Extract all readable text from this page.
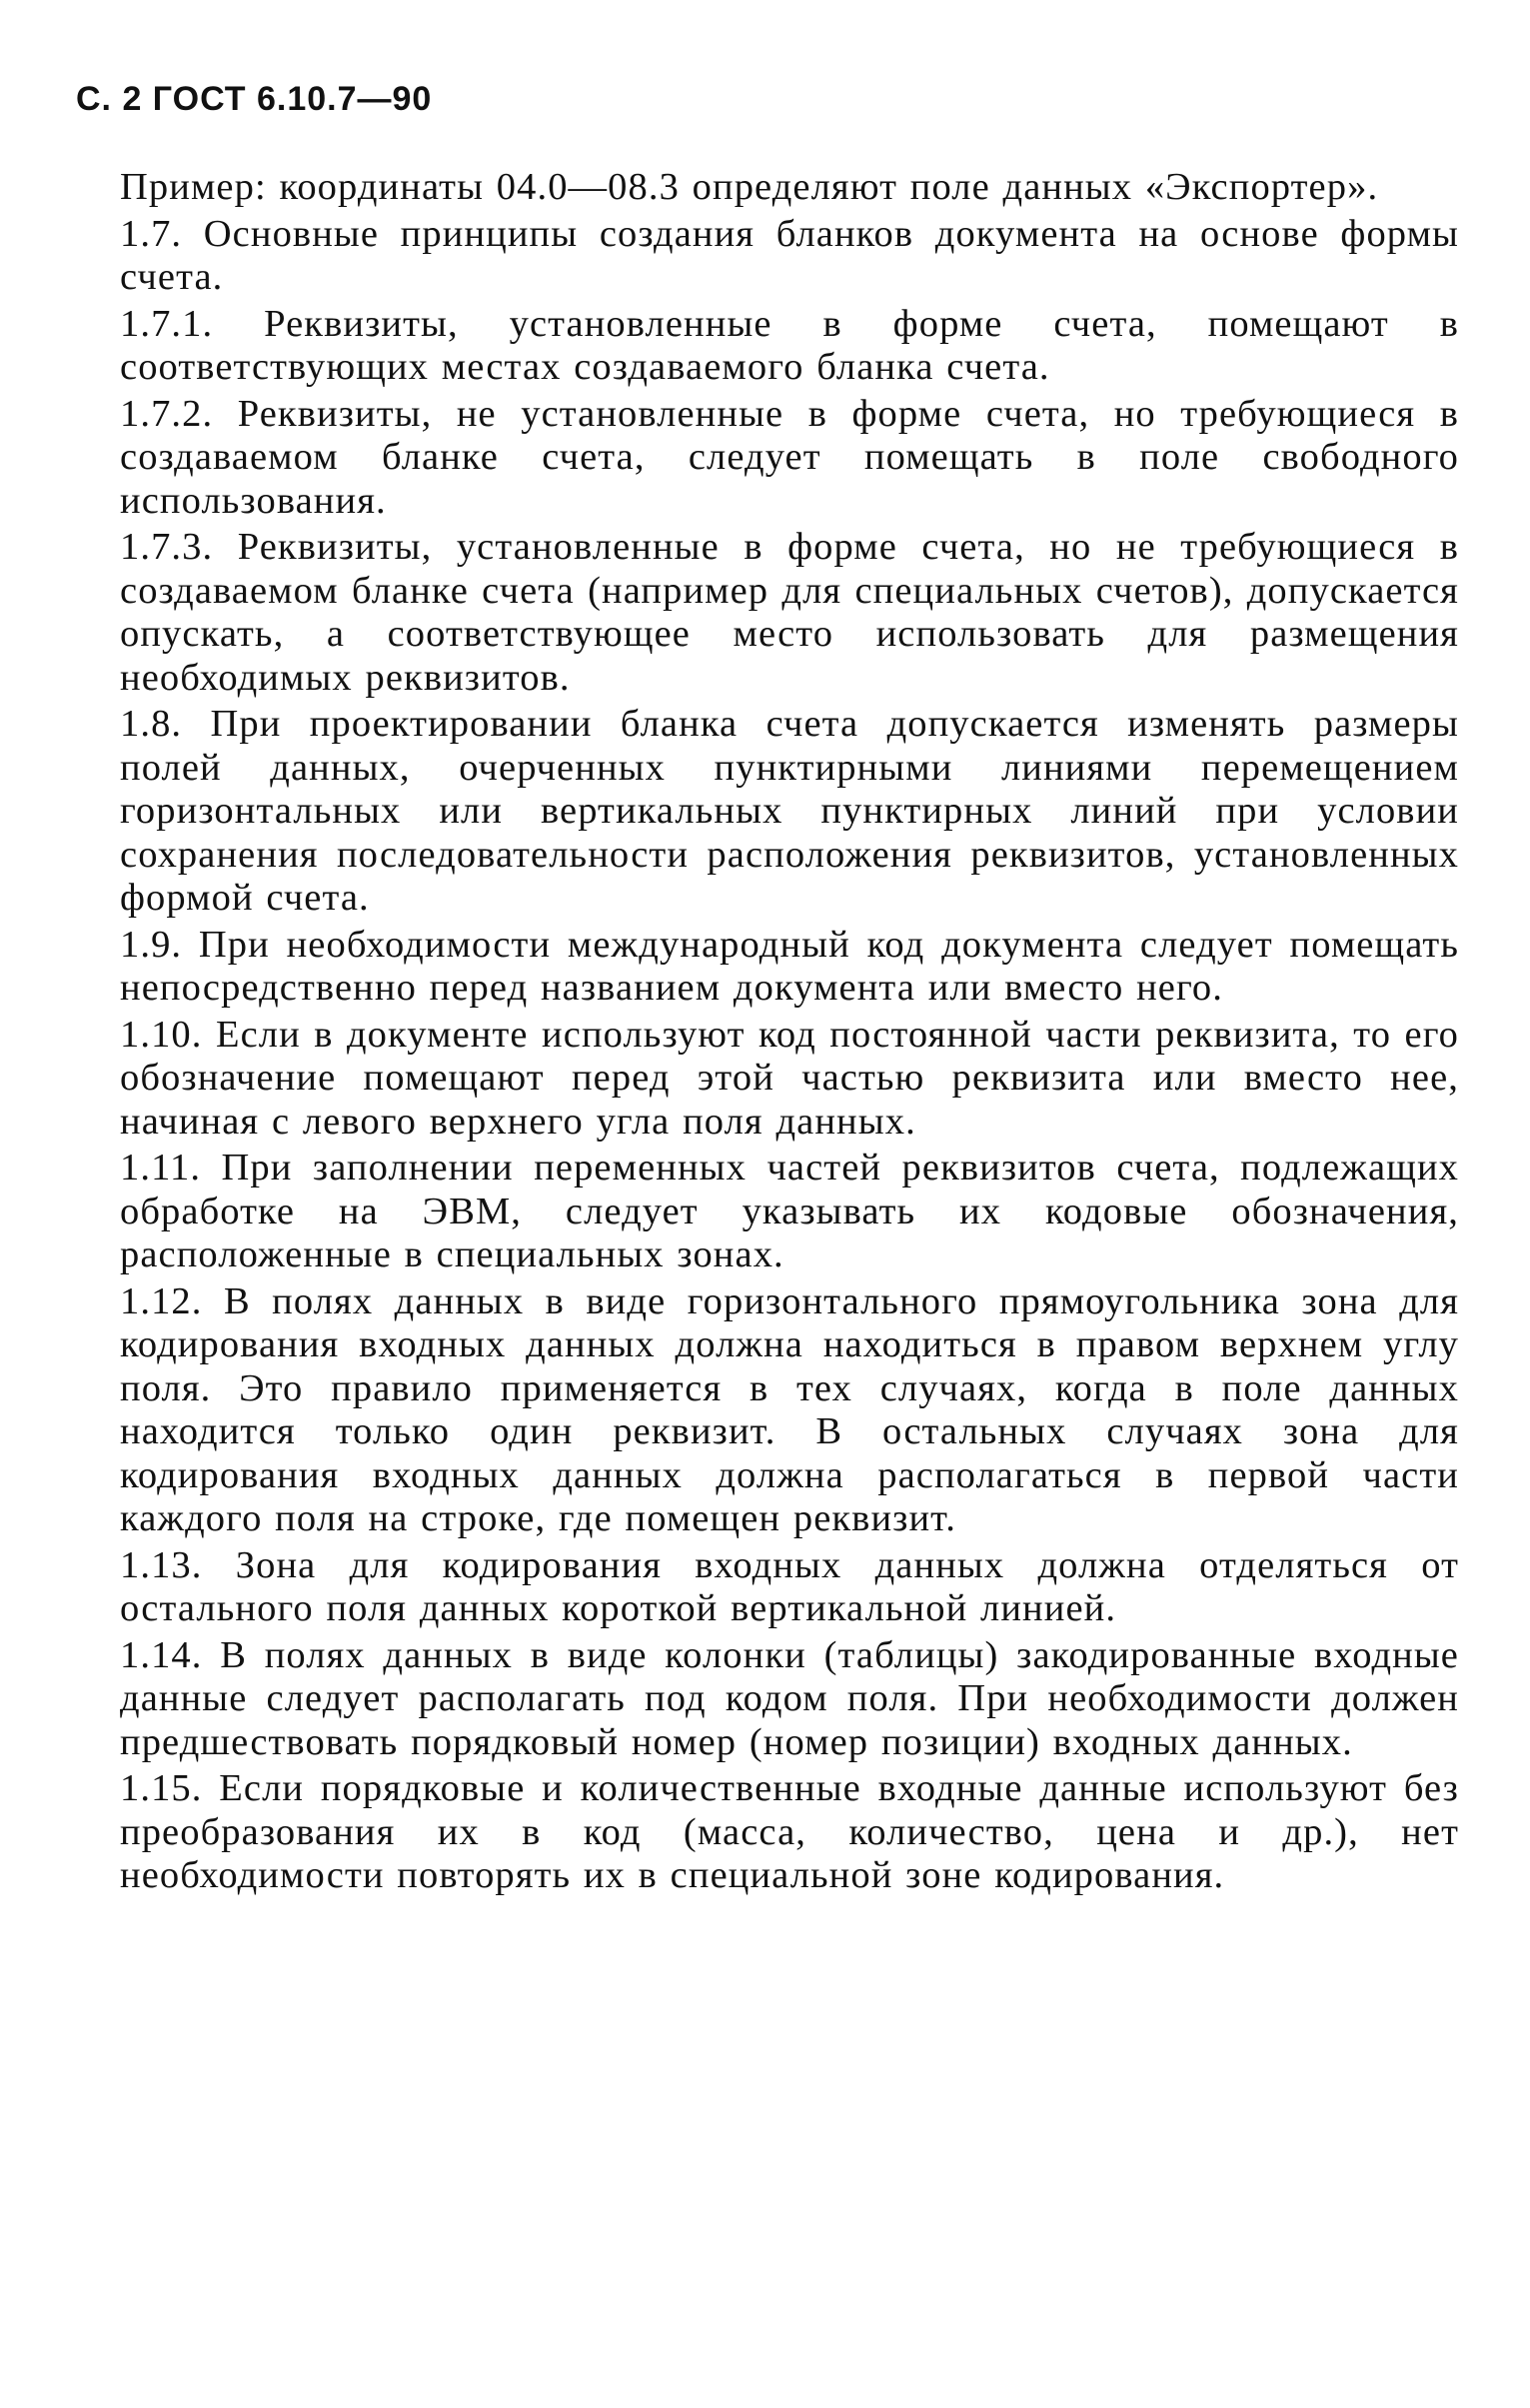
С. 2 ГОСТ 6.10.7—90

Пример: координаты 04.0—08.3 определяют поле данных «Экспортер».

1.7. Основные принципы создания бланков документа на основе формы счета.

1.7.1. Реквизиты, установленные в форме счета, помещают в соответствующих местах создаваемого бланка счета.

1.7.2. Реквизиты, не установленные в форме счета, но требующиеся в создаваемом бланке счета, следует помещать в поле свободного использования.

1.7.3. Реквизиты, установленные в форме счета, но не требующиеся в создаваемом бланке счета (например для специальных счетов), допускается опускать, а соответствующее место использовать для размещения необходимых реквизитов.

1.8. При проектировании бланка счета допускается изменять размеры полей данных, очерченных пунктирными линиями перемещением горизонтальных или вертикальных пунктирных линий при условии сохранения последовательности расположения реквизитов, установленных формой счета.

1.9. При необходимости международный код документа следует помещать непосредственно перед названием документа или вместо него.

1.10. Если в документе используют код постоянной части реквизита, то его обозначение помещают перед этой частью реквизита или вместо нее, начиная с левого верхнего угла поля данных.

1.11. При заполнении переменных частей реквизитов счета, подлежащих обработке на ЭВМ, следует указывать их кодовые обозначения, расположенные в специальных зонах.

1.12. В полях данных в виде горизонтального прямоугольника зона для кодирования входных данных должна находиться в правом верхнем углу поля. Это правило применяется в тех случаях, когда в поле данных находится только один реквизит. В остальных случаях зона для кодирования входных данных должна располагаться в первой части каждого поля на строке, где помещен реквизит.

1.13. Зона для кодирования входных данных должна отделяться от остального поля данных короткой вертикальной линией.

1.14. В полях данных в виде колонки (таблицы) закодированные входные данные следует располагать под кодом поля. При необходимости должен предшествовать порядковый номер (номер позиции) входных данных.

1.15. Если порядковые и количественные входные данные используют без преобразования их в код (масса, количество, цена и др.), нет необходимости повторять их в специальной зоне кодирования.
